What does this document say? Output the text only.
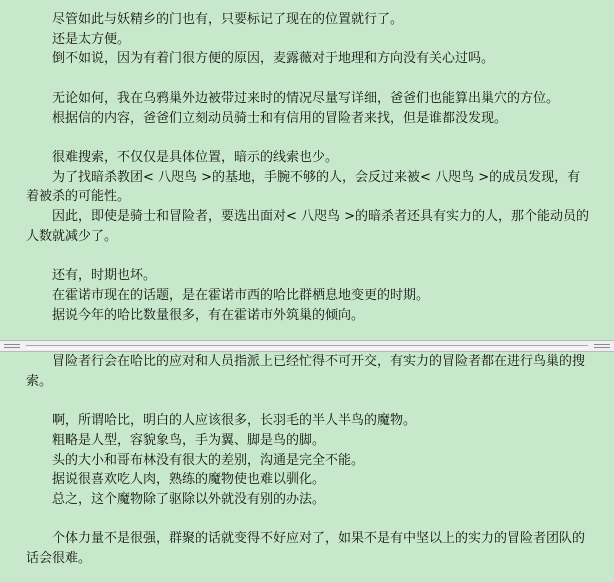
尽管如此与妖精乡的门也有，只要标记了现在的位置就行了。

还是太方便。

倒不如说，因为有着门很方便的原因，麦露薇对于地理和方向没有关心过吗。

无论如何，我在乌鸦巢外边被带过来时的情况尽量写详细，爸爸们也能算出巢穴的方位。

根据信的内容，爸爸们立刻动员骑士和有信用的冒险者来找，但是谁都没发现。

很难搜索，不仅仅是具体位置，暗示的线索也少。

为了找暗杀教团< 八咫鸟 >的基地，手腕不够的人，会反过来被< 八咫鸟 >的成员发现，有着被杀的可能性。

因此，即使是骑士和冒险者，要选出面对< 八咫鸟 >的暗杀者还具有实力的人，那个能动员的人数就减少了。

还有，时期也坏。

在霍诺市现在的话题，是在霍诺市西的哈比群栖息地变更的时期。

据说今年的哈比数量很多，有在霍诺市外筑巢的倾向。

冒险者行会在哈比的应对和人员指派上已经忙得不可开交，有实力的冒险者都在进行鸟巢的搜索。

啊，所谓哈比，明白的人应该很多，长羽毛的半人半鸟的魔物。

粗略是人型，容貌象鸟，手为翼、脚是鸟的脚。

头的大小和哥布林没有很大的差别，沟通是完全不能。

据说很喜欢吃人肉，熟练的魔物使也难以驯化。

总之，这个魔物除了驱除以外就没有别的办法。

个体力量不是很强，群聚的话就变得不好应对了，如果不是有中坚以上的实力的冒险者团队的话会很难。
